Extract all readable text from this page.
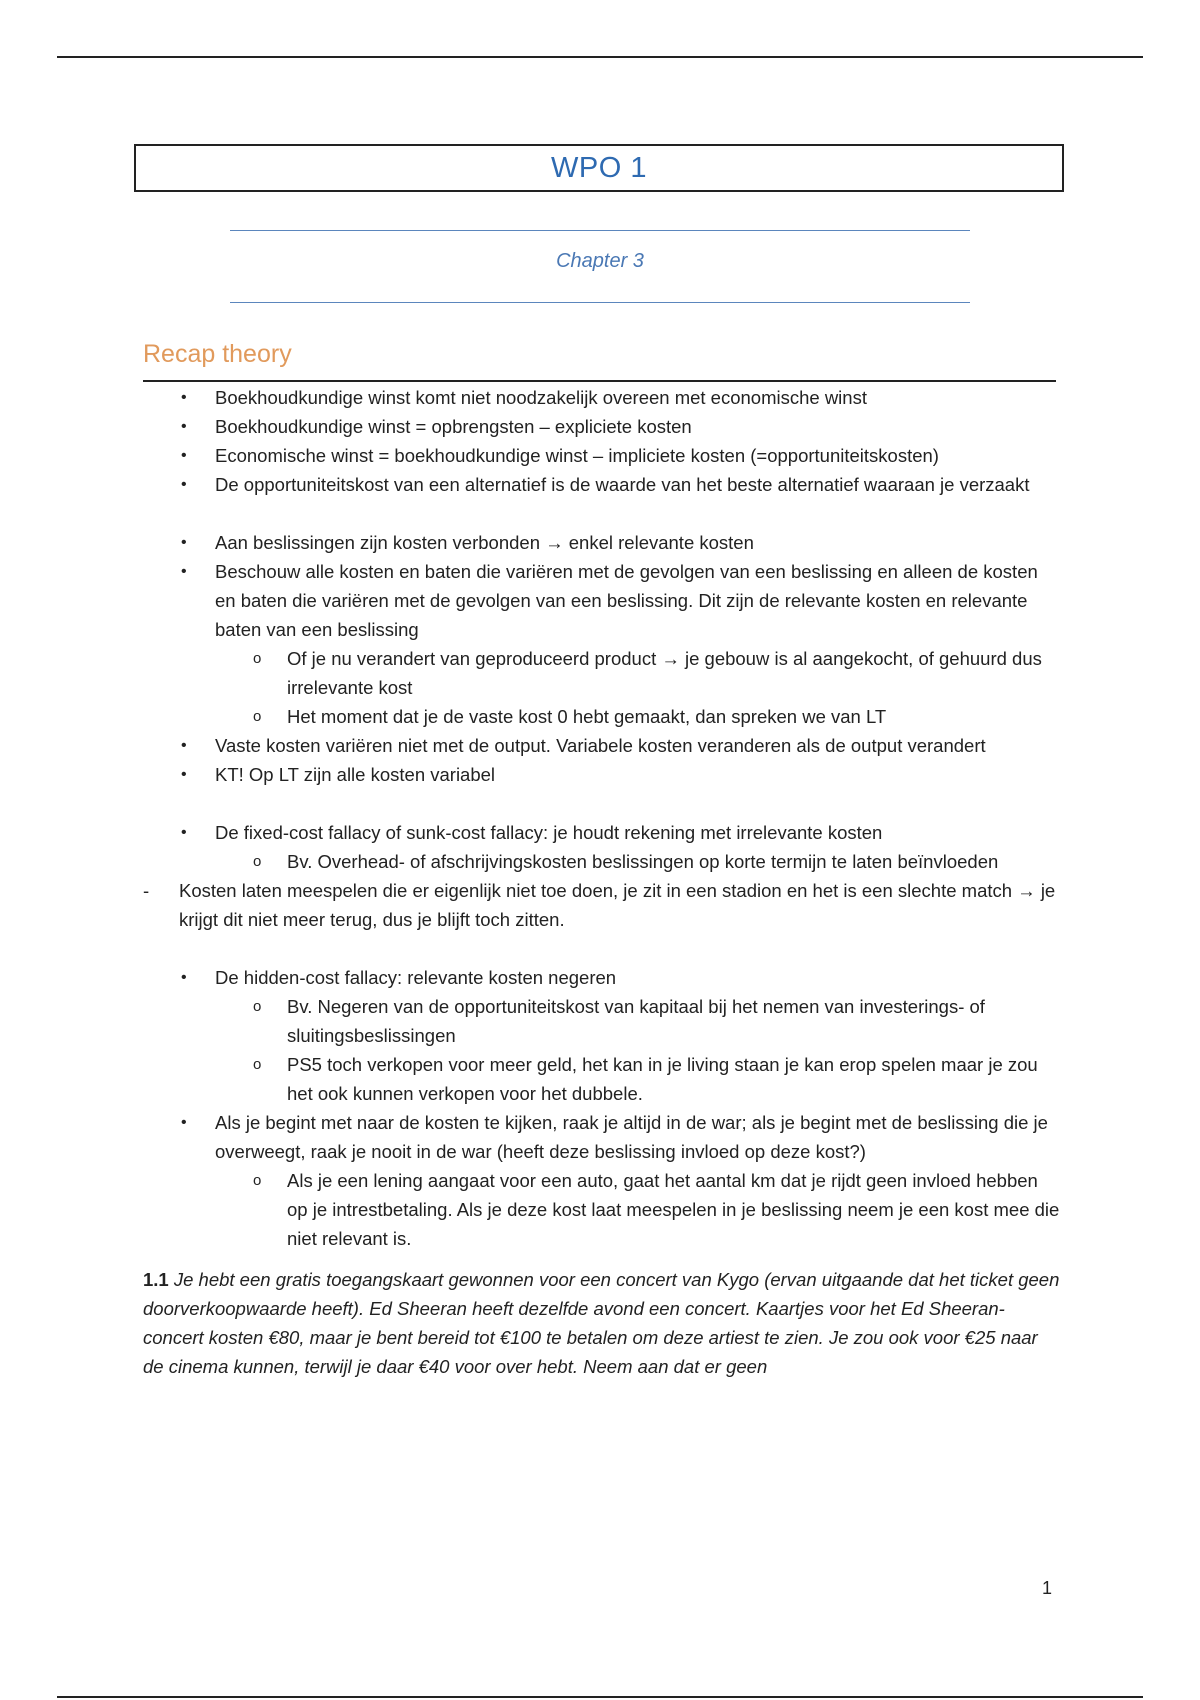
WPO 1
Chapter 3
Recap theory
• Boekhoudkundige winst komt niet noodzakelijk overeen met economische winst
• Boekhoudkundige winst = opbrengsten – expliciete kosten
• Economische winst = boekhoudkundige winst – impliciete kosten (=opportuniteitskosten)
• De opportuniteitskost van een alternatief is de waarde van het beste alternatief waaraan je verzaakt
• Aan beslissingen zijn kosten verbonden → enkel relevante kosten
• Beschouw alle kosten en baten die variëren met de gevolgen van een beslissing en alleen de kosten en baten die variëren met de gevolgen van een beslissing. Dit zijn de relevante kosten en relevante baten van een beslissing
o Of je nu verandert van geproduceerd product → je gebouw is al aangekocht, of gehuurd dus irrelevante kost
o Het moment dat je de vaste kost 0 hebt gemaakt, dan spreken we van LT
• Vaste kosten variëren niet met de output. Variabele kosten veranderen als de output verandert
• KT! Op LT zijn alle kosten variabel
• De fixed-cost fallacy of sunk-cost fallacy: je houdt rekening met irrelevante kosten
o Bv. Overhead- of afschrijvingskosten beslissingen op korte termijn te laten beïnvloeden
- Kosten laten meespelen die er eigenlijk niet toe doen, je zit in een stadion en het is een slechte match → je krijgt dit niet meer terug, dus je blijft toch zitten.
• De hidden-cost fallacy: relevante kosten negeren
o Bv. Negeren van de opportuniteitskost van kapitaal bij het nemen van investerings- of sluitingsbeslissingen
o PS5 toch verkopen voor meer geld, het kan in je living staan je kan erop spelen maar je zou het ook kunnen verkopen voor het dubbele.
• Als je begint met naar de kosten te kijken, raak je altijd in de war; als je begint met de beslissing die je overweegt, raak je nooit in de war (heeft deze beslissing invloed op deze kost?)
o Als je een lening aangaat voor een auto, gaat het aantal km dat je rijdt geen invloed hebben op je intrestbetaling. Als je deze kost laat meespelen in je beslissing neem je een kost mee die niet relevant is.
1.1 Je hebt een gratis toegangskaart gewonnen voor een concert van Kygo (ervan uitgaande dat het ticket geen doorverkoopwaarde heeft). Ed Sheeran heeft dezelfde avond een concert. Kaartjes voor het Ed Sheeran-concert kosten €80, maar je bent bereid tot €100 te betalen om deze artiest te zien. Je zou ook voor €25 naar de cinema kunnen, terwijl je daar €40 voor over hebt. Neem aan dat er geen
1
